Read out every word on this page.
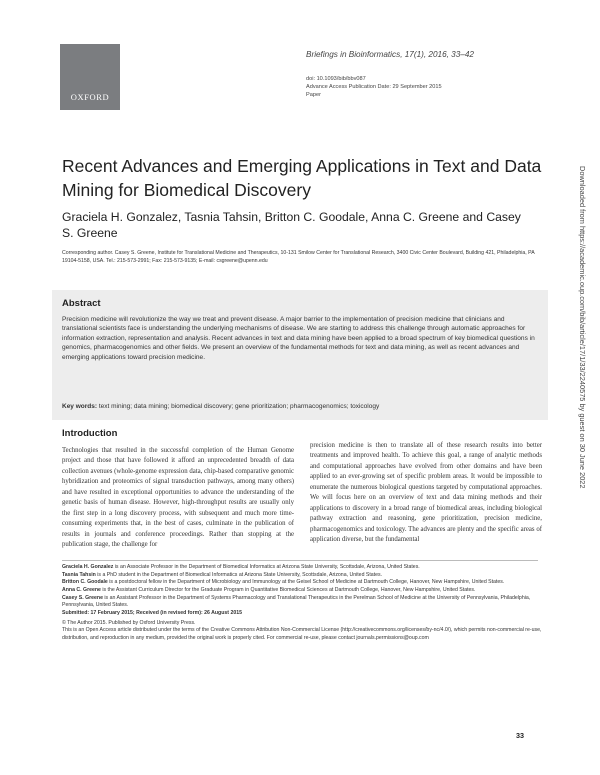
OXFORD
Briefings in Bioinformatics, 17(1), 2016, 33–42
doi: 10.1093/bib/bbv087
Advance Access Publication Date: 29 September 2015
Paper
Downloaded from https://academic.oup.com/bib/article/17/1/33/2240575 by guest on 30 June 2022
Recent Advances and Emerging Applications in Text and Data Mining for Biomedical Discovery
Graciela H. Gonzalez, Tasnia Tahsin, Britton C. Goodale, Anna C. Greene and Casey S. Greene
Corresponding author. Casey S. Greene, Institute for Translational Medicine and Therapeutics, 10-131 Smilow Center for Translational Research, 3400 Civic Center Boulevard, Building 421, Philadelphia, PA 19104-5158, USA. Tel.: 215-573-2991; Fax: 215-573-9135; E-mail: csgreene@upenn.edu
Abstract
Precision medicine will revolutionize the way we treat and prevent disease. A major barrier to the implementation of precision medicine that clinicians and translational scientists face is understanding the underlying mechanisms of disease. We are starting to address this challenge through automatic approaches for information extraction, representation and analysis. Recent advances in text and data mining have been applied to a broad spectrum of key biomedical questions in genomics, pharmacogenomics and other fields. We present an overview of the fundamental methods for text and data mining, as well as recent advances and emerging applications toward precision medicine.
Key words: text mining; data mining; biomedical discovery; gene prioritization; pharmacogenomics; toxicology
Introduction
Technologies that resulted in the successful completion of the Human Genome project and those that have followed it afford an unprecedented breadth of data collection avenues (whole-genome expression data, chip-based comparative genomic hybridization and proteomics of signal transduction pathways, among many others) and have resulted in exceptional opportunities to advance the understanding of the genetic basis of human disease. However, high-throughput results are usually only the first step in a long discovery process, with subsequent and much more time-consuming experiments that, in the best of cases, culminate in the publication of results in journals and conference proceedings. Rather than stopping at the publication stage, the challenge for
precision medicine is then to translate all of these research results into better treatments and improved health. To achieve this goal, a range of analytic methods and computational approaches have evolved from other domains and have been applied to an ever-growing set of specific problem areas. It would be impossible to enumerate the numerous biological questions targeted by computational approaches. We will focus here on an overview of text and data mining methods and their applications to discovery in a broad range of biomedical areas, including biological pathway extraction and reasoning, gene prioritization, precision medicine, pharmacogenomics and toxicology. The advances are plenty and the specific areas of application diverse, but the fundamental

Graciela H. Gonzalez is an Associate Professor in the Department of Biomedical Informatics at Arizona State University, Scottsdale, Arizona, United States.

Tasnia Tahsin is a PhD student in the Department of Biomedical Informatics at Arizona State University, Scottsdale, Arizona, United States.

Britton C. Goodale is a postdoctoral fellow in the Department of Microbiology and Immunology at the Geisel School of Medicine at Dartmouth College, Hanover, New Hampshire, United States.

Anna C. Greene is the Assistant Curriculum Director for the Graduate Program in Quantitative Biomedical Sciences at Dartmouth College, Hanover, New Hampshire, United States.

Casey S. Greene is an Assistant Professor in the Department of Systems Pharmacology and Translational Therapeutics in the Perelman School of Medicine at the University of Pennsylvania, Philadelphia, Pennsylvania, United States.

Submitted: 17 February 2015; Received (in revised form): 26 August 2015

© The Author 2015. Published by Oxford University Press.

This is an Open Access article distributed under the terms of the Creative Commons Attribution Non-Commercial License (http://creativecommons.org/licenses/by-nc/4.0/), which permits non-commercial re-use, distribution, and reproduction in any medium, provided the original work is properly cited. For commercial re-use, please contact journals.permissions@oup.com

33
